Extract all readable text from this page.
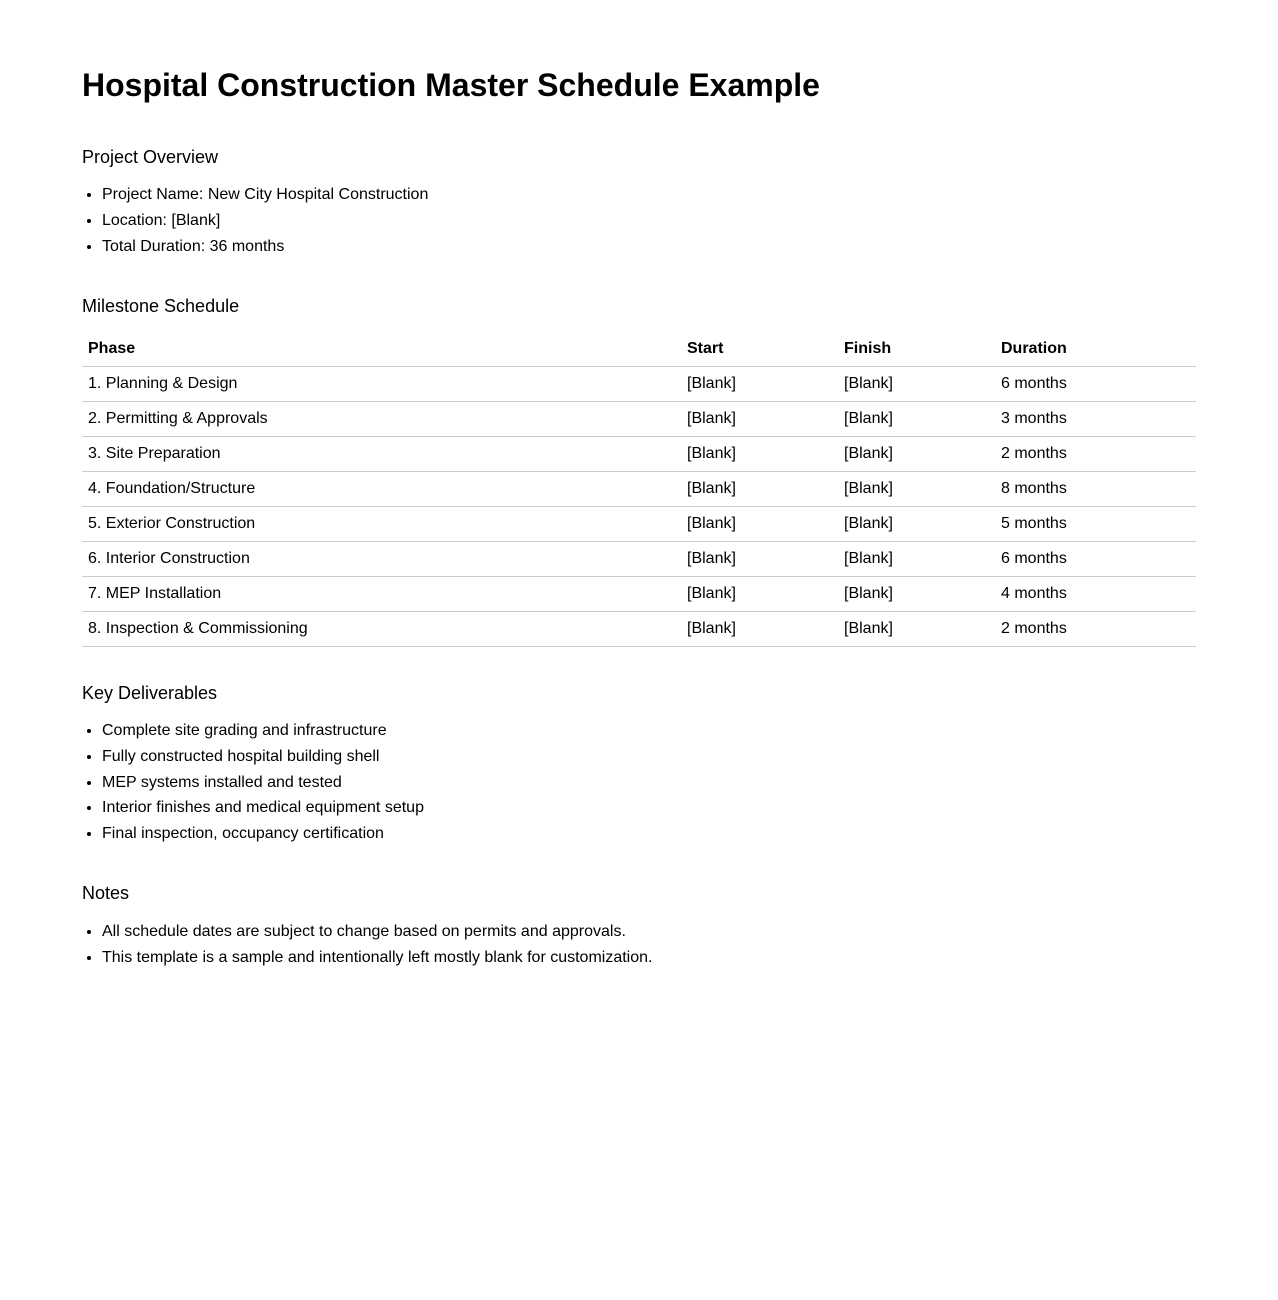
Hospital Construction Master Schedule Example
Project Overview
• Project Name: New City Hospital Construction
• Location: [Blank]
• Total Duration: 36 months
Milestone Schedule
Phase	Start	Finish	Duration
1. Planning & Design	[Blank]	[Blank]	6 months
2. Permitting & Approvals	[Blank]	[Blank]	3 months
3. Site Preparation	[Blank]	[Blank]	2 months
4. Foundation/Structure	[Blank]	[Blank]	8 months
5. Exterior Construction	[Blank]	[Blank]	5 months
6. Interior Construction	[Blank]	[Blank]	6 months
7. MEP Installation	[Blank]	[Blank]	4 months
8. Inspection & Commissioning	[Blank]	[Blank]	2 months
Key Deliverables
• Complete site grading and infrastructure
• Fully constructed hospital building shell
• MEP systems installed and tested
• Interior finishes and medical equipment setup
• Final inspection, occupancy certification
Notes
• All schedule dates are subject to change based on permits and approvals.
• This template is a sample and intentionally left mostly blank for customization.
